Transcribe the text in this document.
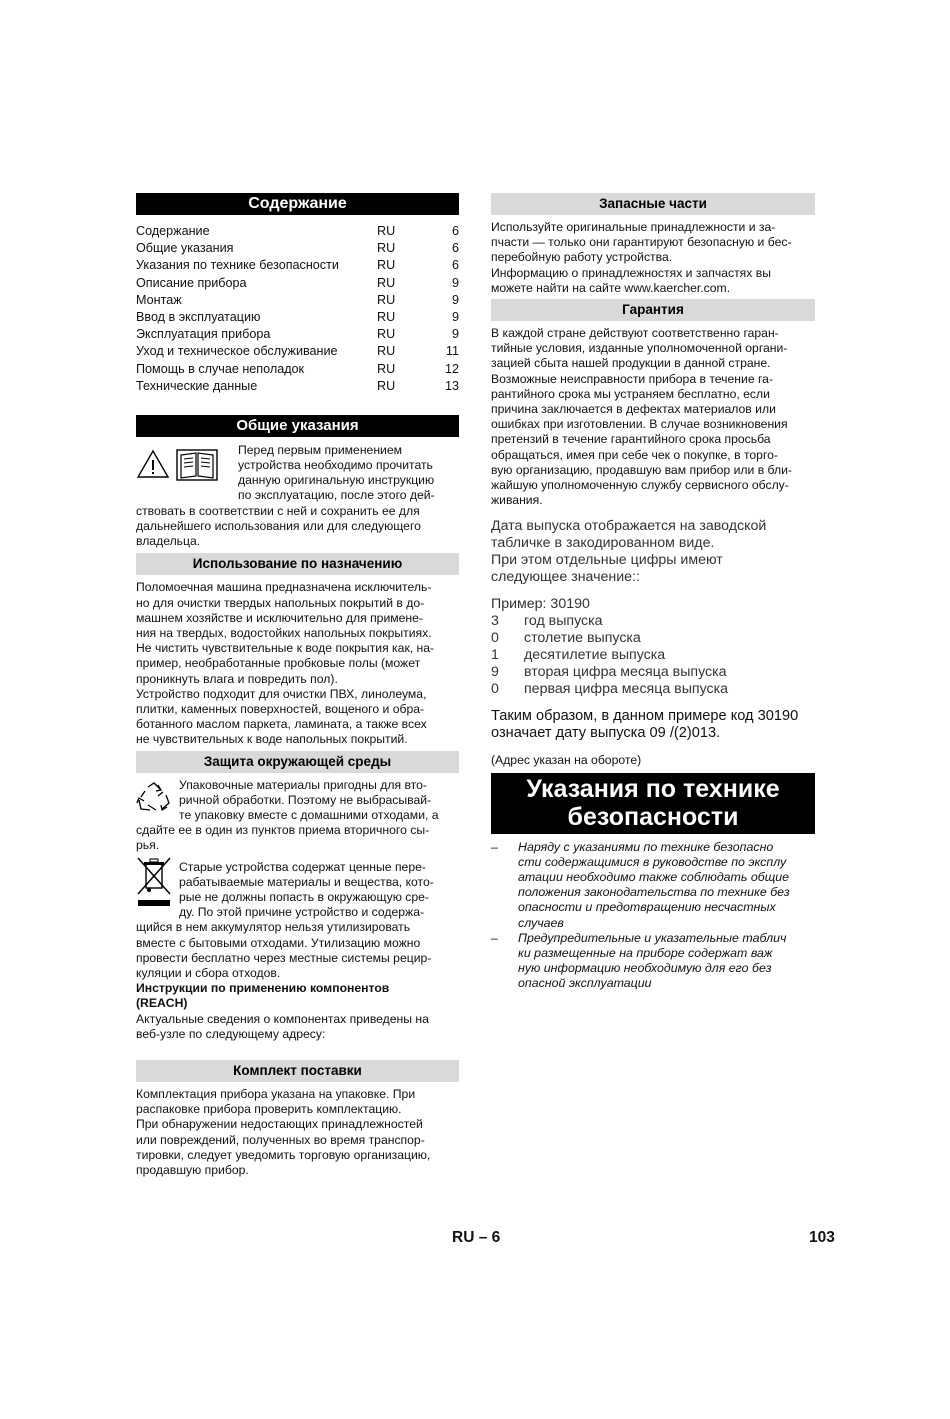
Содержание
Содержание	RU	6
Общие указания	RU	6
Указания по технике безопасности	RU	6
Описание прибора	RU	9
Монтаж	RU	9
Ввод в эксплуатацию	RU	9
Эксплуатация прибора	RU	9
Уход и техническое обслуживание	RU	11
Помощь в случае неполадок	RU	12
Технические данные	RU	13
Общие указания

Перед первым применением

устройства необходимо прочитать

данную оригинальную инструкцию

по эксплуатацию, после этого дей-

ствовать в соответствии с ней и сохранить ее для

дальнейшего использования или для следующего

владельца.

Использование по назначению

Поломоечная машина предназначена исключитель-

но для очистки твердых напольных покрытий в до-

машнем хозяйстве и исключительно для примене-

ния на твердых, водостойких напольных покрытиях.

Не чистить чувствительные к воде покрытия как, на-

пример, необработанные пробковые полы (может

проникнуть влага и повредить пол).

Устройство подходит для очистки ПВХ, линолеума,

плитки, каменных поверхностей, вощеного и обра-

ботанного маслом паркета, ламината, а также всех

не чувствительных к воде напольных покрытий.

Защита окружающей среды

Упаковочные материалы пригодны для вто-

ричной обработки. Поэтому не выбрасывай-

те упаковку вместе с домашними отходами, а

сдайте ее в один из пунктов приема вторичного сы-

рья.

Старые устройства содержат ценные пере-

рабатываемые материалы и вещества, кото-

рые не должны попасть в окружающую сре-

ду. По этой причине устройство и содержа-

щийся в нем аккумулятор нельзя утилизировать

вместе с бытовыми отходами. Утилизацию можно

провести бесплатно через местные системы рецир-

куляции и сбора отходов.

Инструкции по применению компонентов

(REACH)

Актуальные сведения о компонентах приведены на

веб-узле по следующему адресу:

Комплект поставки

Комплектация прибора указана на упаковке. При

распаковке прибора проверить комплектацию.

При обнаружении недостающих принадлежностей

или повреждений, полученных во время транспор-

тировки, следует уведомить торговую организацию,

продавшую прибор.

Запасные части

Используйте оригинальные принадлежности и за-

пчасти — только они гарантируют безопасную и бес-

перебойную работу устройства.

Информацию о принадлежностях и запчастях вы

можете найти на сайте www.kaercher.com.

Гарантия

В каждой стране действуют соответственно гаран-

тийные условия, изданные уполномоченной органи-

зацией сбыта нашей продукции в данной стране.

Возможные неисправности прибора в течение га-

рантийного срока мы устраняем бесплатно, если

причина заключается в дефектах материалов или

ошибках при изготовлении. В случае возникновения

претензий в течение гарантийного срока просьба

обращаться, имея при себе чек о покупке, в торго-

вую организацию, продавшую вам прибор или в бли-

жайшую уполномоченную службу сервисного обслу-

живания.

Дата выпуска отображается на заводской

табличке в закодированном виде.

При этом отдельные цифры имеют

следующее значение::

Пример: 30190

3	год выпуска
0	столетие выпуска
1	десятилетие выпуска
9	вторая цифра месяца выпуска
0	первая цифра месяца выпуска

Таким образом, в данном примере код 30190

означает дату выпуска 09 /(2)013.

(Адрес указан на обороте)

Указания по технике
безопасности
–	Наряду с указаниями по технике безопасно
сти содержащимися в руководстве по эксплу
атации необходимо также соблюдать общие
положения законодательства по технике без
опасности и предотвращению несчастных
случаев
–	Предупредительные и указательные таблич
ки размещенные на приборе содержат важ
ную информацию необходимую для его без
опасной эксплуатации
RU – 6	103
